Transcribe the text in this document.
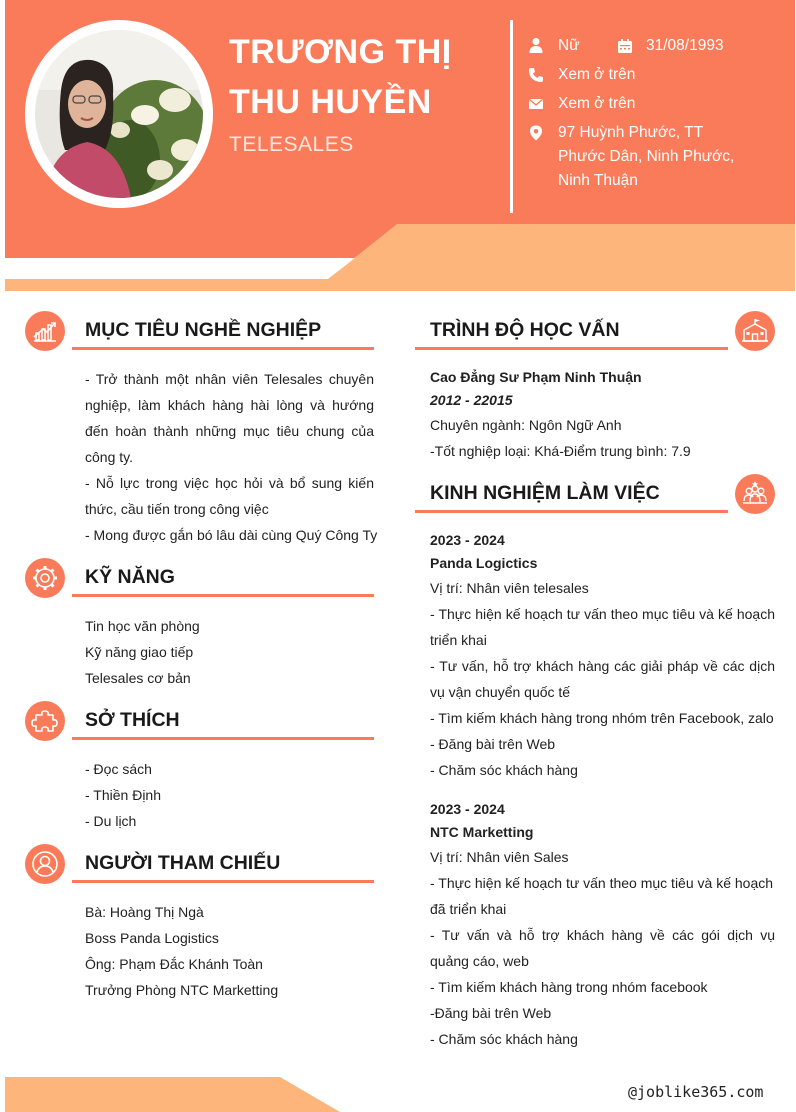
TRƯƠNG THỊ
THU HUYỀN
TELESALES
Nữ	31/08/1993
Xem ở trên
Xem ở trên
97 Huỳnh Phước, TT
Phước Dân, Ninh Phước,
Ninh Thuận
MỤC TIÊU NGHỀ NGHIỆP
- Trở thành một nhân viên Telesales chuyên nghiệp, làm khách hàng hài lòng và hướng đến hoàn thành những mục tiêu chung của công ty.
- Nỗ lực trong việc học hỏi và bổ sung kiến thức, cầu tiến trong công việc
- Mong được gắn bó lâu dài cùng Quý Công Ty
KỸ NĂNG
Tin học văn phòng
Kỹ năng giao tiếp
Telesales cơ bản
SỞ THÍCH
- Đọc sách
- Thiền Định
- Du lịch
NGƯỜI THAM CHIẾU
Bà: Hoàng Thị Ngà
Boss Panda Logistics
Ông: Phạm Đắc Khánh Toàn
Trưởng Phòng NTC Marketting
TRÌNH ĐỘ HỌC VẤN
Cao Đẳng Sư Phạm Ninh Thuận
2012 - 22015
Chuyên ngành: Ngôn Ngữ Anh
-Tốt nghiệp loại: Khá-Điểm trung bình: 7.9
KINH NGHIỆM LÀM VIỆC
2023 - 2024
Panda Logictics
Vị trí: Nhân viên telesales
- Thực hiện kế hoạch tư vấn theo mục tiêu và kế hoạch triển khai
- Tư vấn, hỗ trợ khách hàng các giải pháp về các dịch vụ vận chuyển quốc tế
- Tìm kiếm khách hàng trong nhóm trên Facebook, zalo
- Đăng bài trên Web
- Chăm sóc khách hàng
2023 - 2024
NTC Marketting
Vị trí: Nhân viên Sales
- Thực hiện kế hoạch tư vấn theo mục tiêu và kế hoạch đã triển khai
- Tư vấn và hỗ trợ khách hàng về các gói dịch vụ quảng cáo, web
- Tìm kiếm khách hàng trong nhóm facebook
-Đăng bài trên Web
- Chăm sóc khách hàng
@joblike365.com
